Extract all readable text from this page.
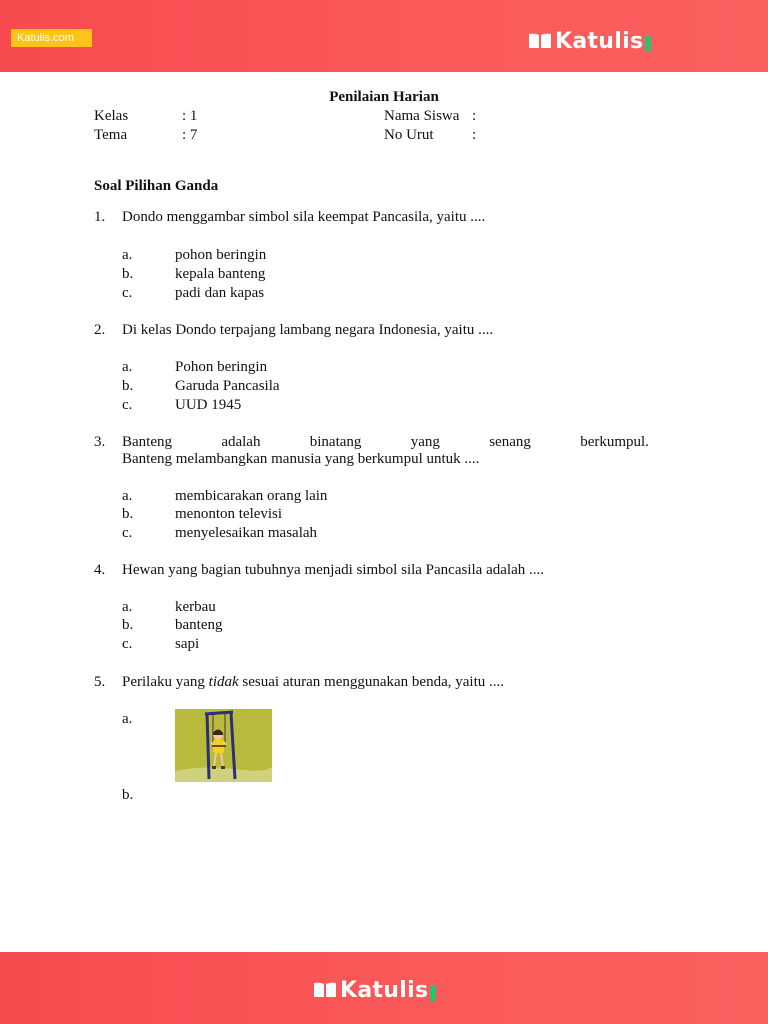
Katulis.com	Katulis
Penilaian Harian
Kelas	: 1	Nama Siswa :
Tema	: 7	No Urut	:
Soal Pilihan Ganda
1. Dondo menggambar simbol sila keempat Pancasila, yaitu ....
a.	pohon beringin
b.	kepala banteng
c.	padi dan kapas
2. Di kelas Dondo terpajang lambang negara Indonesia, yaitu ....
a.	Pohon beringin
b.	Garuda Pancasila
c.	UUD 1945
3. Banteng	adalah	binatang	yang	senang	berkumpul.
Banteng melambangkan manusia yang berkumpul untuk ....
a.	membicarakan orang lain
b.	menonton televisi
c.	menyelesaikan masalah
4. Hewan yang bagian tubuhnya menjadi simbol sila Pancasila adalah ....
a.	kerbau
b.	banteng
c.	sapi
5. Perilaku yang tidak sesuai aturan menggunakan benda, yaitu ....
a.
b.
Katulis
